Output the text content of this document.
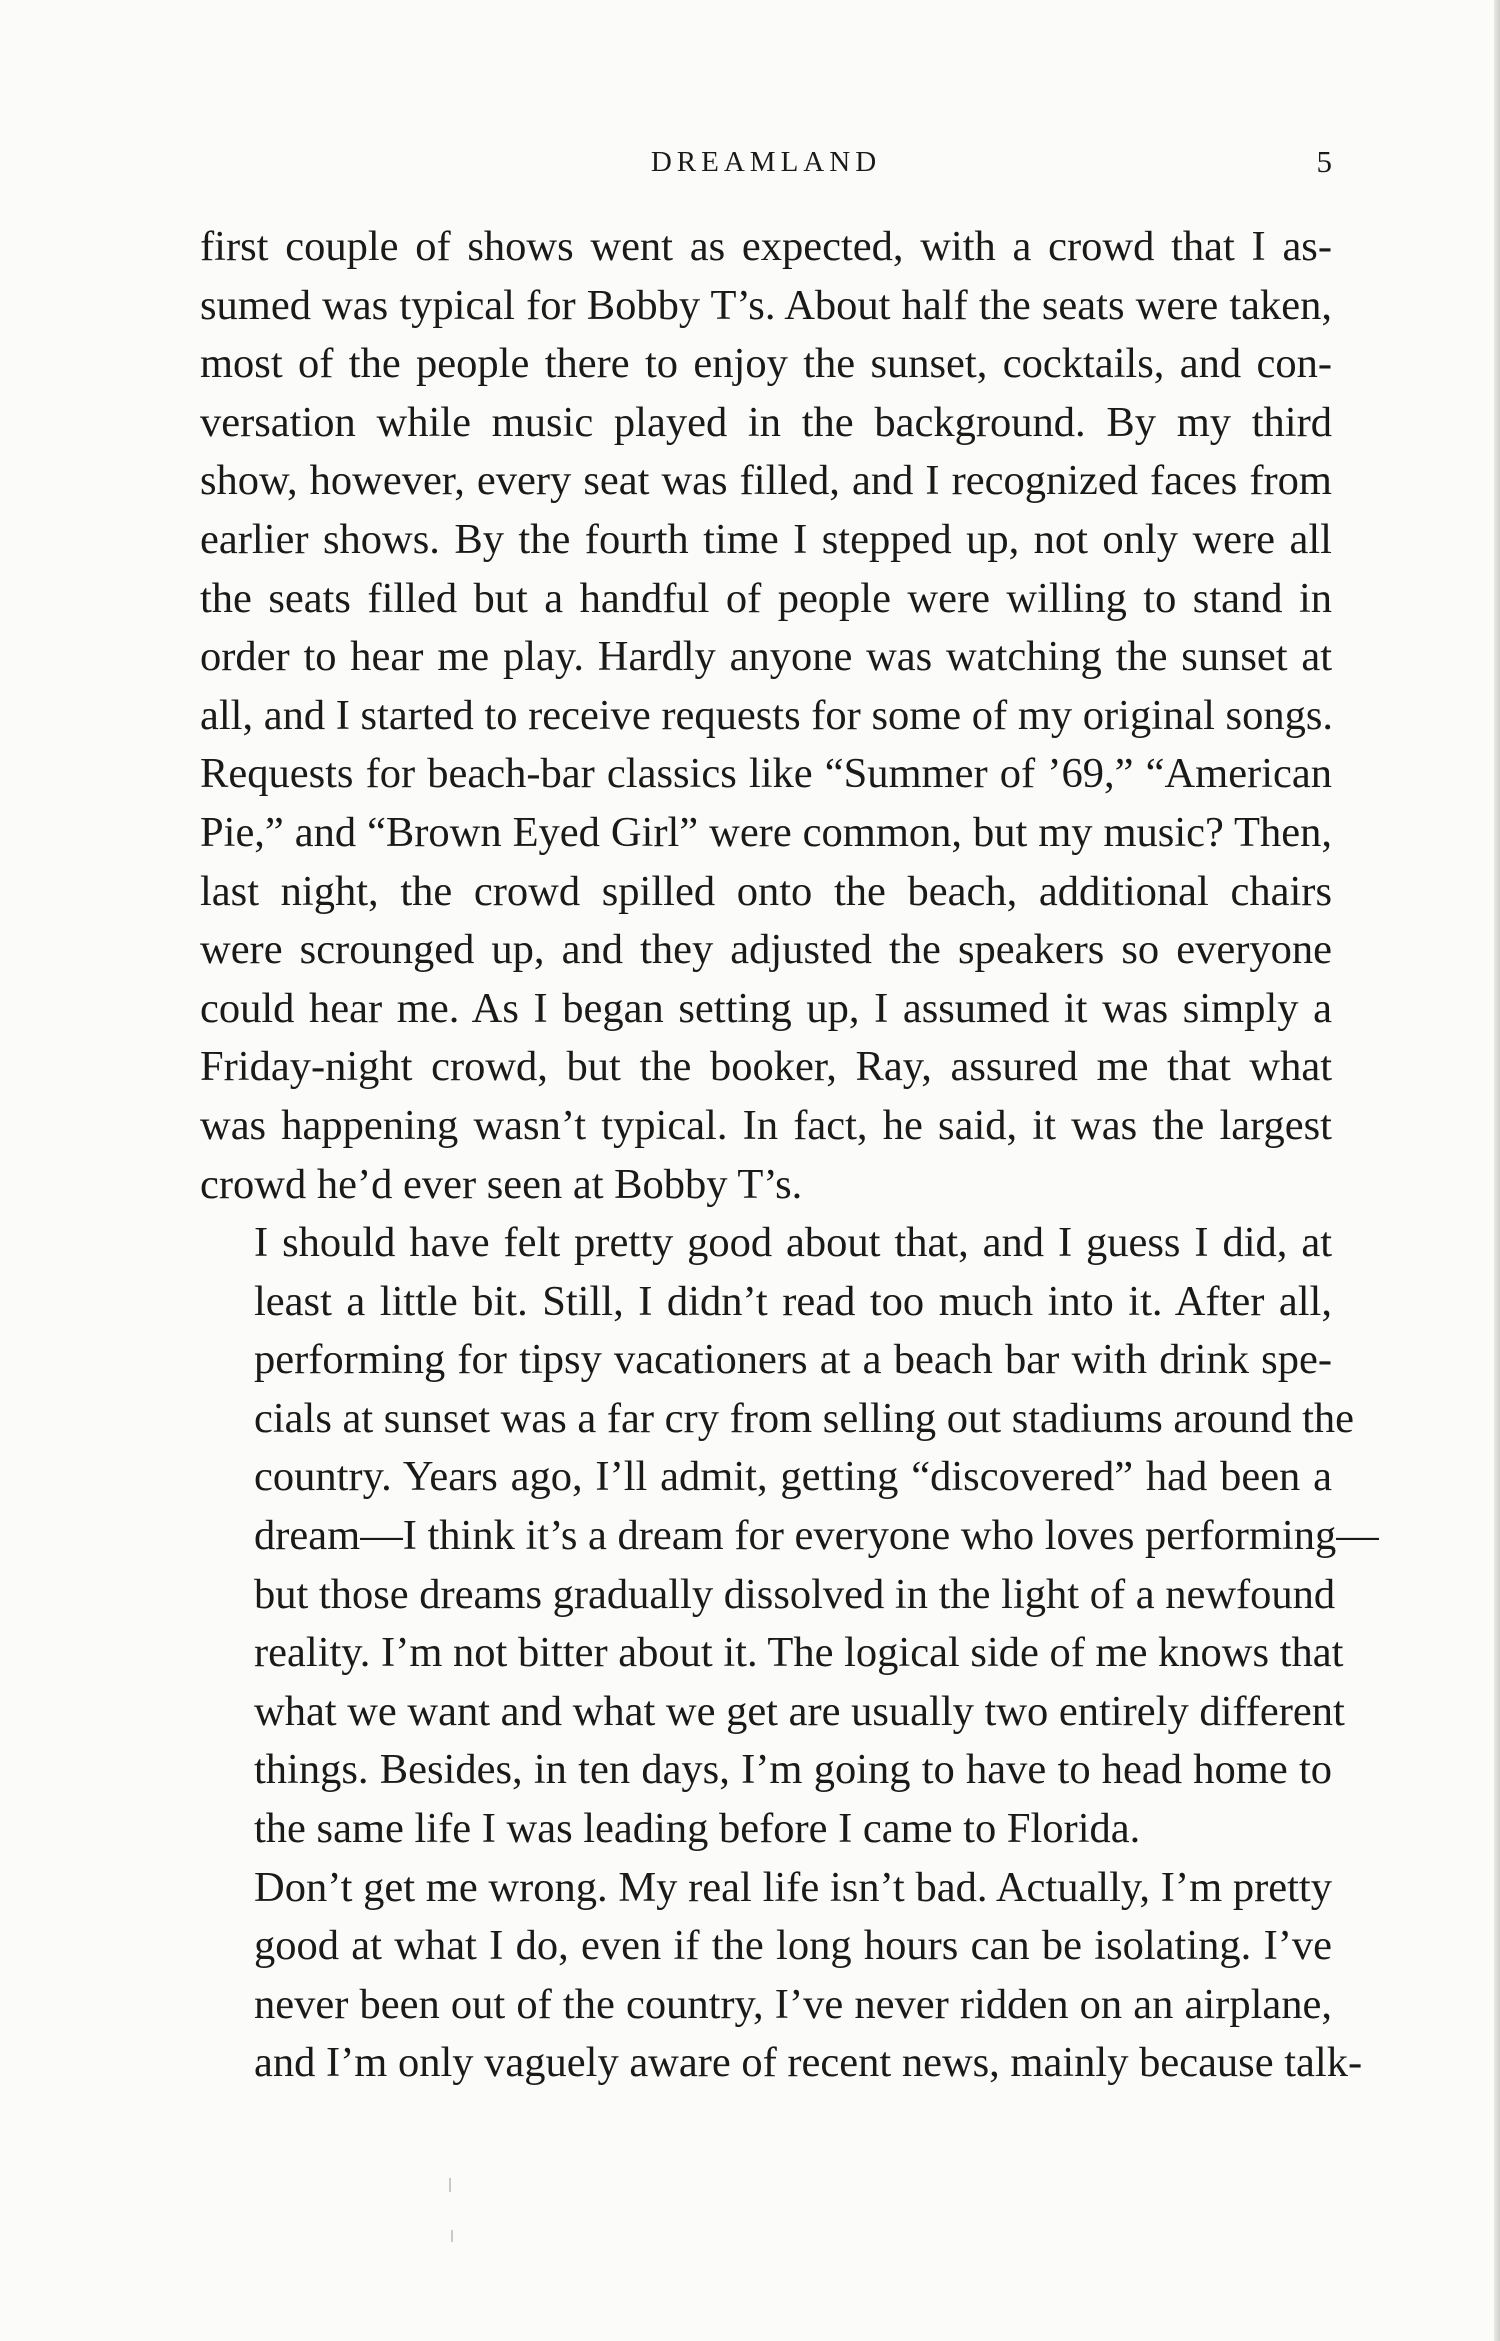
DREAMLAND	5
first couple of shows went as expected, with a crowd that I as-
sumed was typical for Bobby T’s. About half the seats were taken,
most of the people there to enjoy the sunset, cocktails, and con-
versation while music played in the background. By my third
show, however, every seat was filled, and I recognized faces from
earlier shows. By the fourth time I stepped up, not only were all
the seats filled but a handful of people were willing to stand in
order to hear me play. Hardly anyone was watching the sunset at
all, and I started to receive requests for some of my original songs.
Requests for beach-bar classics like “Summer of ’69,” “American
Pie,” and “Brown Eyed Girl” were common, but my music? Then,
last night, the crowd spilled onto the beach, additional chairs
were scrounged up, and they adjusted the speakers so everyone
could hear me. As I began setting up, I assumed it was simply a
Friday-night crowd, but the booker, Ray, assured me that what
was happening wasn’t typical. In fact, he said, it was the largest
crowd he’d ever seen at Bobby T’s.
I should have felt pretty good about that, and I guess I did, at
least a little bit. Still, I didn’t read too much into it. After all,
performing for tipsy vacationers at a beach bar with drink spe-
cials at sunset was a far cry from selling out stadiums around the
country. Years ago, I’ll admit, getting “discovered” had been a
dream—I think it’s a dream for everyone who loves performing—
but those dreams gradually dissolved in the light of a newfound
reality. I’m not bitter about it. The logical side of me knows that
what we want and what we get are usually two entirely different
things. Besides, in ten days, I’m going to have to head home to
the same life I was leading before I came to Florida.
Don’t get me wrong. My real life isn’t bad. Actually, I’m pretty
good at what I do, even if the long hours can be isolating. I’ve
never been out of the country, I’ve never ridden on an airplane,
and I’m only vaguely aware of recent news, mainly because talk-
